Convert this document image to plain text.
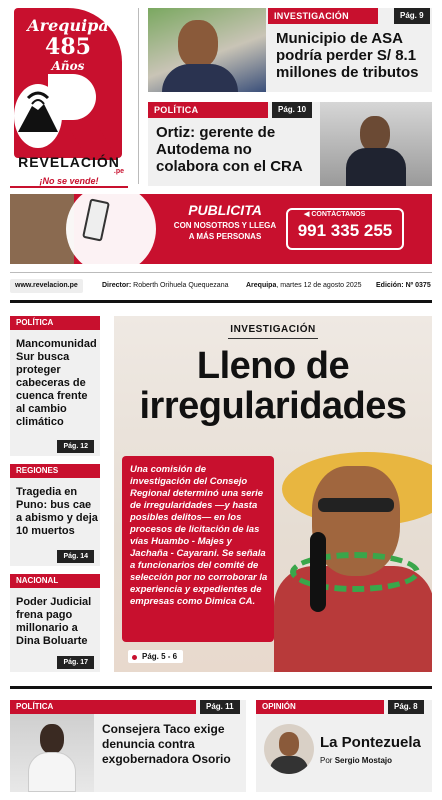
Arequipa
485
Años
REVELACIÓN
.pe
¡No se vende!
INVESTIGACIÓN	Pág. 9
Municipio de ASA podría perder S/ 8.1 millones de tributos
POLÍTICA	Pág. 10
Ortiz: gerente de Autodema no colabora con el CRA
PUBLICITA
CON NOSOTROS Y LLEGA
A MÁS PERSONAS
◀ CONTÁCTANOS
991 335 255
www.revelacion.pe	Director: Roberth Orihuela Quequezana	Arequipa, martes 12 de agosto 2025 Edición: Nº 0375
POLÍTICA

Mancomunidad Sur busca proteger cabeceras de cuenca frente al cambio climático

Pág. 12
REGIONES

Tragedia en Puno: bus cae a abismo y deja 10 muertos

Pág. 14
NACIONAL

Poder Judicial frena pago millonario a Dina Boluarte

Pág. 17
INVESTIGACIÓN
Lleno de
irregularidades

Una comisión de investigación del Consejo Regional determinó una serie de irregularidades —y hasta posibles delitos— en los procesos de licitación de las vías Huambo - Majes y Jachaña - Cayarani. Se señala a funcionarios del comité de selección por no corroborar la experiencia y expedientes de empresas como Dimica CA.

Pág. 5 - 6
POLÍTICA	Pág. 11
Consejera Taco exige denuncia contra exgobernadora Osorio
OPINIÓN	Pág. 8
La Pontezuela
Por Sergio Mostajo
